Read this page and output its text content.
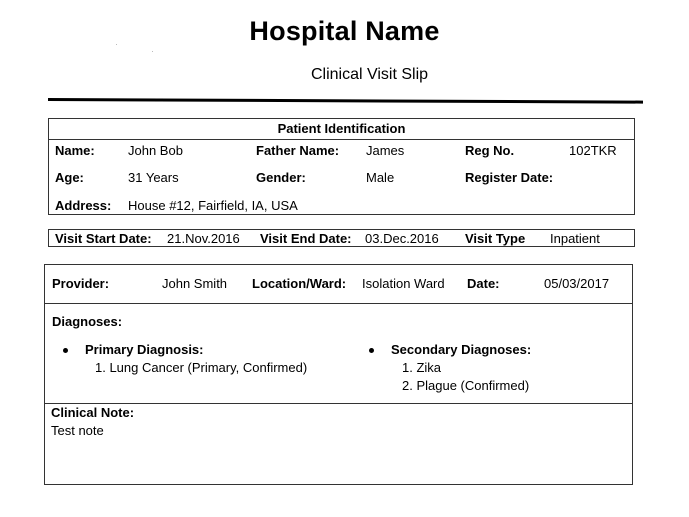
Hospital Name
Clinical Visit Slip
Patient Identification
Name:	John Bob	Father Name: James	Reg No.	102TKR
Age:	31 Years	Gender:	Male	Register Date:
Address: House #12, Fairfield, IA, USA
Visit Start Date: 21.Nov.2016 Visit End Date: 03.Dec.2016 Visit Type Inpatient
Provider:	John Smith Location/Ward: Isolation Ward Date:	05/03/2017
Diagnoses:
Primary Diagnosis:
1. Lung Cancer (Primary, Confirmed)
Secondary Diagnoses:
1. Zika
2. Plague (Confirmed)
Clinical Note:
Test note
